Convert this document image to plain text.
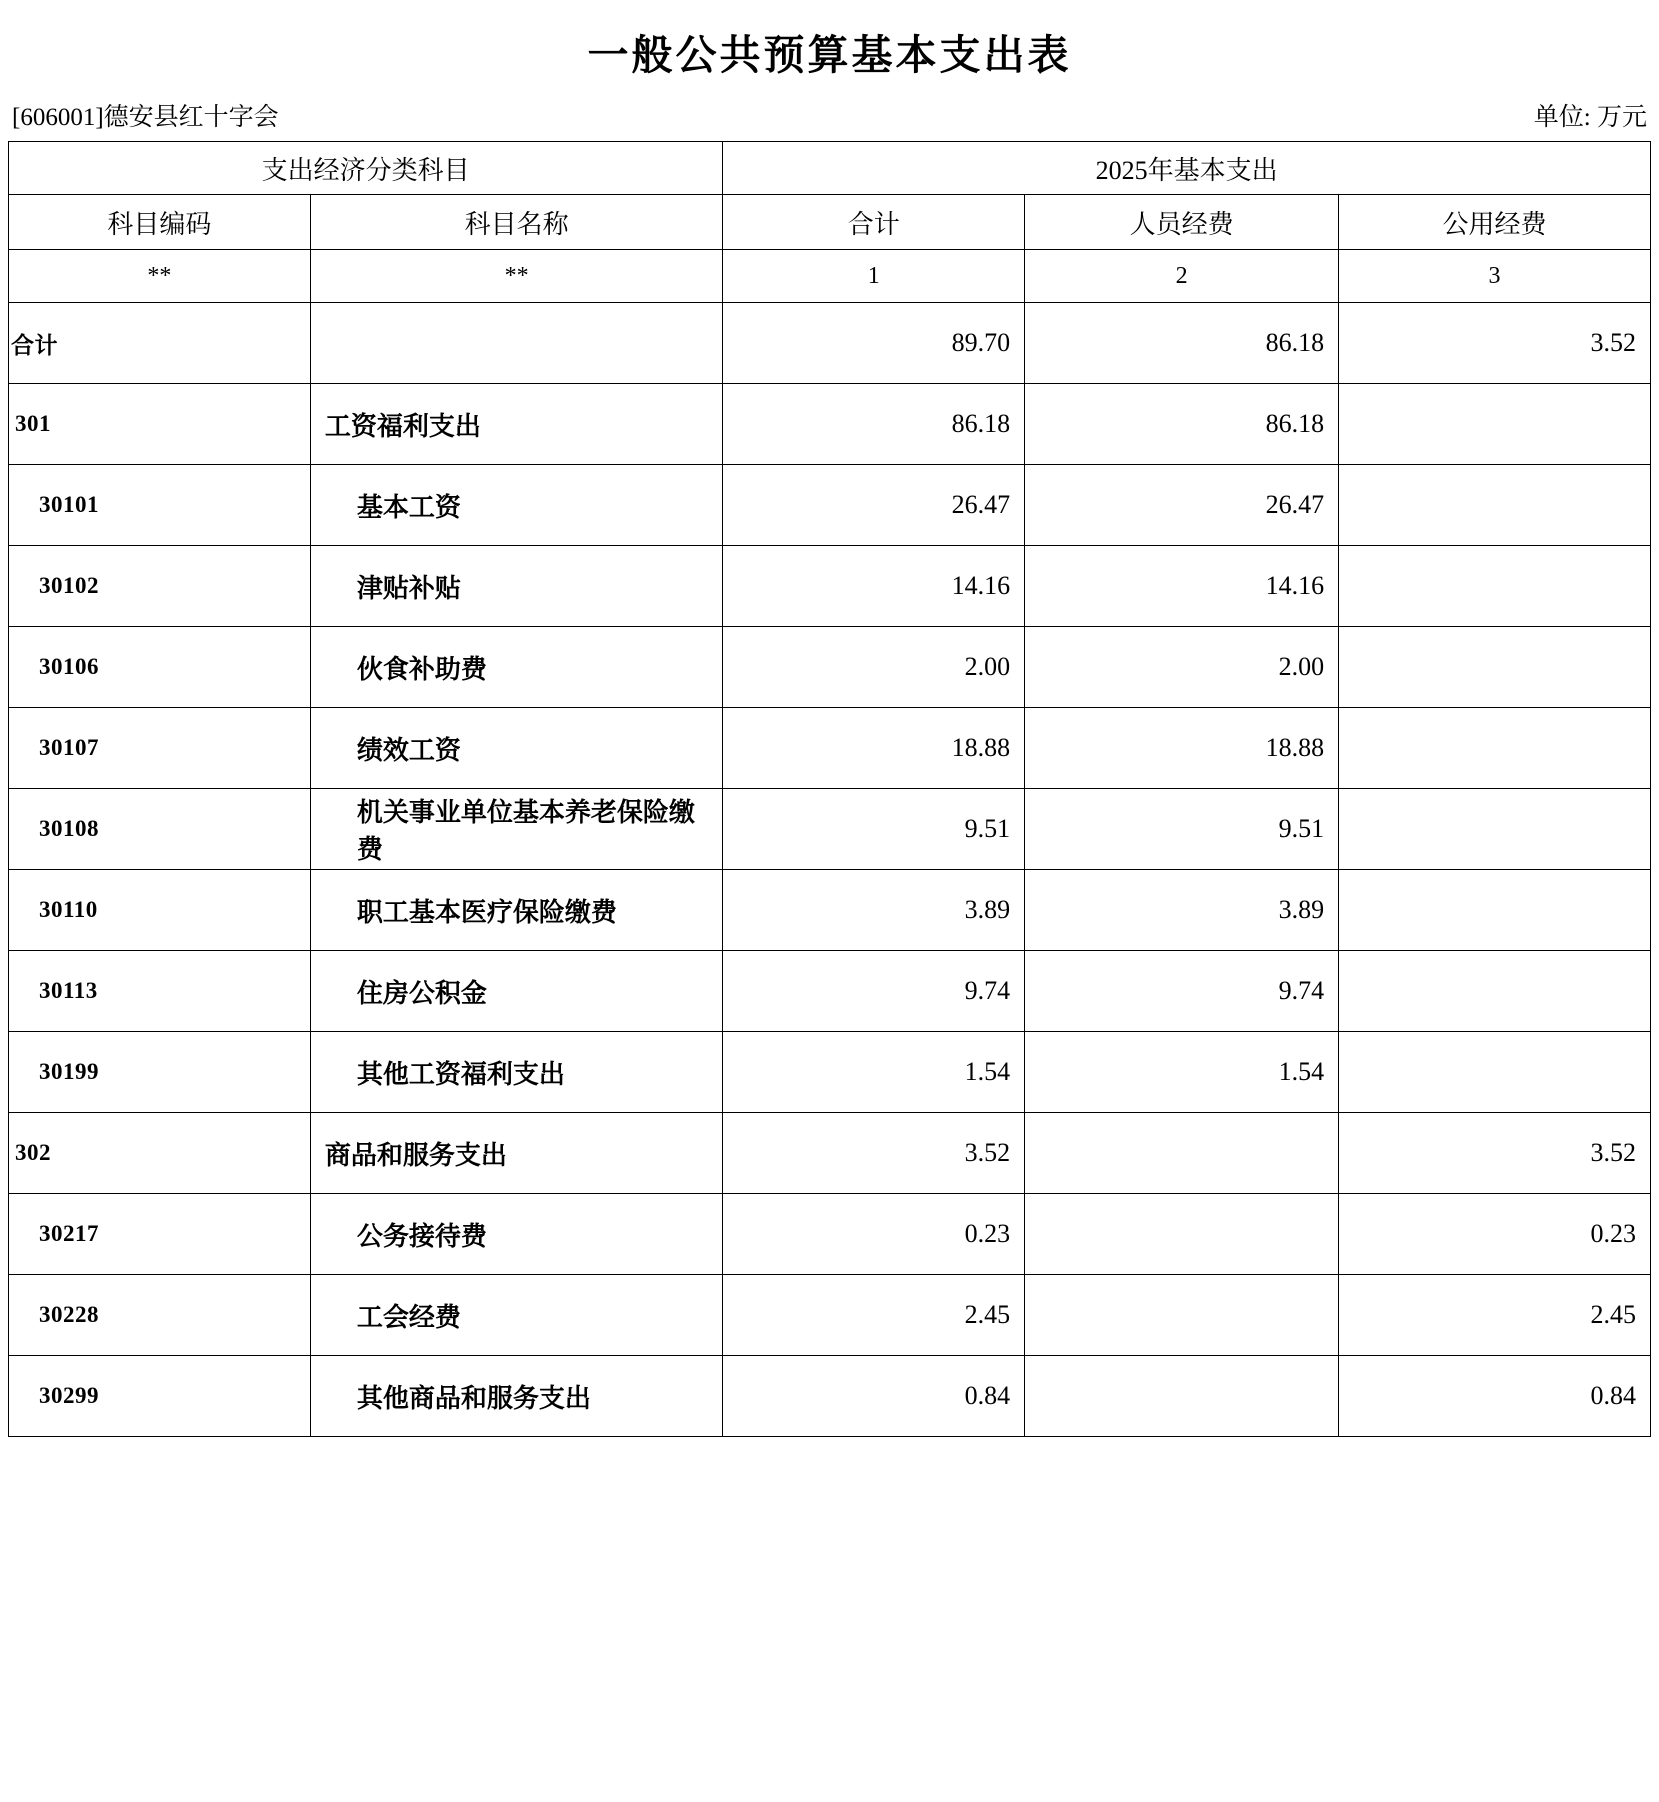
一般公共预算基本支出表
[606001]德安县红十字会	单位: 万元
支出经济分类科目		2025年基本支出		
科目编码	科目名称	合计	人员经费	公用经费
**	**	1	2	3
合计		89.70	86.18	3.52
301	工资福利支出	86.18	86.18	
30101	基本工资	26.47	26.47	
30102	津贴补贴	14.16	14.16	
30106	伙食补助费	2.00	2.00	
30107	绩效工资	18.88	18.88	
30108	机关事业单位基本养老保险缴费	9.51	9.51	
30110	职工基本医疗保险缴费	3.89	3.89	
30113	住房公积金	9.74	9.74	
30199	其他工资福利支出	1.54	1.54	
302	商品和服务支出	3.52		3.52
30217	公务接待费	0.23		0.23
30228	工会经费	2.45		2.45
30299	其他商品和服务支出	0.84		0.84
